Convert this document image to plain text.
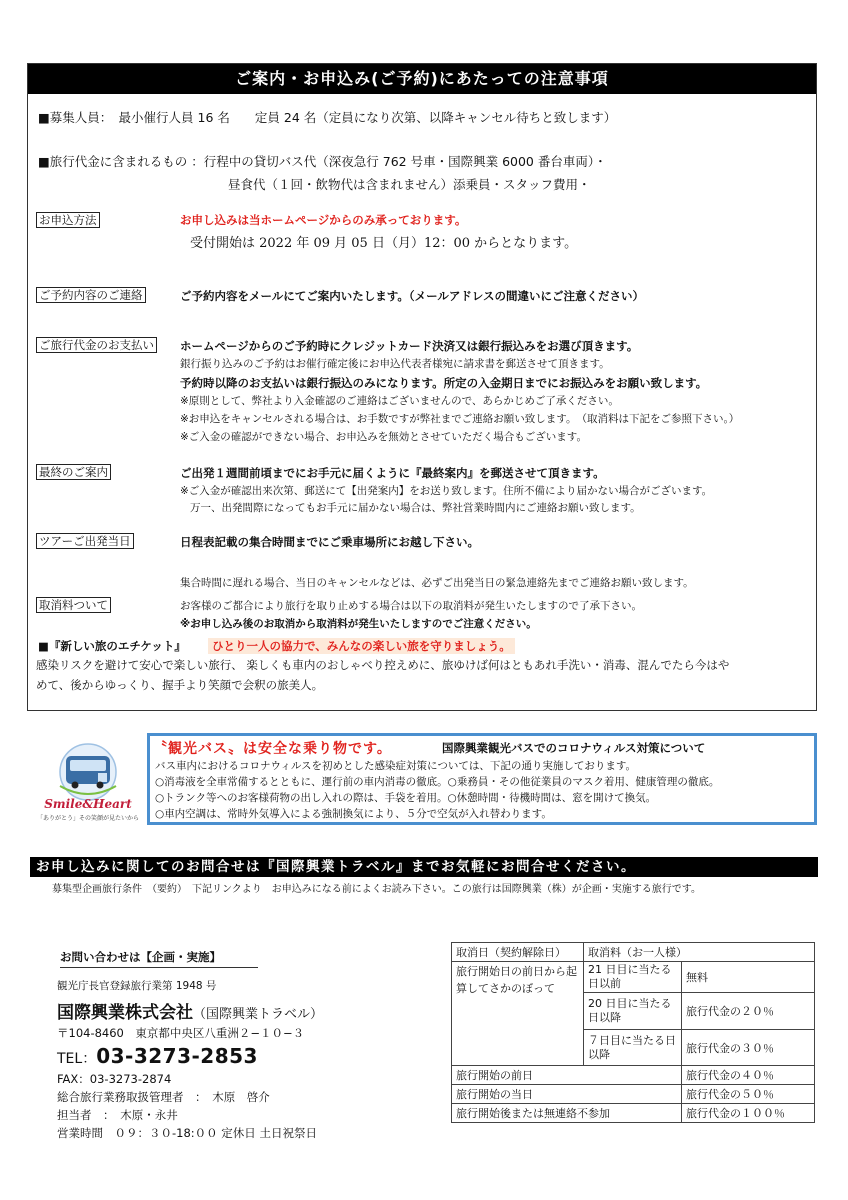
ご案内・お申込み(ご予約)にあたっての注意事項
■募集人員：　最小催行人員 16 名　　定員 24 名（定員になり次第、以降キャンセル待ちと致します）
■旅行代金に含まれるもの ：行程中の貸切バス代（深夜急行 762 号車・国際興業 6000 番台車両）・
昼食代（１回・飲物代は含まれません）添乗員・スタッフ費用・
お申込方法	お申し込みは当ホームページからのみ承っております。
受付開始は 2022 年 09 月 05 日（月）12：00 からとなります。
ご予約内容のご連絡	ご予約内容をメールにてご案内いたします。（メールアドレスの間違いにご注意ください）
ご旅行代金のお支払い ホームページからのご予約時にクレジットカード決済又は銀行振込みをお選び頂きます。
銀行振り込みのご予約はお催行確定後にお申込代表者様宛に請求書を郵送させて頂きます。
予約時以降のお支払いは銀行振込のみになります。所定の入金期日までにお振込みをお願い致します。
※原則として、弊社より入金確認のご連絡はございませんので、あらかじめご了承ください。
※お申込をキャンセルされる場合は、お手数ですが弊社までご連絡お願い致します。　（取消料は下記をご参照下さい。）
※ご入金の確認ができない場合、お申込みを無効とさせていただく場合もございます。
最終のご案内	ご出発１週間前頃までにお手元に届くように『最終案内』を郵送させて頂きます。
※ご入金が確認出来次第、郵送にて【出発案内】をお送り致します。住所不備により届かない場合がございます。
万一、出発間際になってもお手元に届かない場合は、弊社営業時間内にご連絡お願い致します。
ツアーご出発当日	日程表記載の集合時間までにご乗車場所にお越し下さい。
集合時間に遅れる場合、当日のキャンセルなどは、必ずご出発当日の緊急連絡先までご連絡お願い致します。
取消料ついて	お客様のご都合により旅行を取り止めする場合は以下の取消料が発生いたしますので了承下さい。
※お申し込み後のお取消から取消料が発生いたしますのでご注意ください。
■『新しい旅のエチケット』	ひとり一人の協力で、みんなの楽しい旅を守りましょう。
感染リスクを避けて安心で楽しい旅行、 楽しくも車内のおしゃべり控えめに、旅ゆけば何はともあれ手洗い・消毒、混んでたら今はや
めて、後からゆっくり、握手より笑顔で会釈の旅美人。
Smile&Heart
「ありがとう」その笑顔が見たいから
〝観光バス〟は安全な乗り物です。	国際興業観光バスでのコロナウィルス対策について
バス車内におけるコロナウィルスを初めとした感染症対策については、下記の通り実施しております。
○消毒液を全車常備するとともに、運行前の車内消毒の徹底。○乗務員・その他従業員のマスク着用、健康管理の徹底。
○トランク等へのお客様荷物の出し入れの際は、手袋を着用。○休憩時間・待機時間は、窓を開けて換気。
○車内空調は、常時外気導入による強制換気により、５分で空気が入れ替わります。
お申し込みに関してのお問合せは『国際興業トラベル』までお気軽にお問合せください。
募集型企画旅行条件　（要約）　下記リンクより　お申込みになる前によくお読み下さい。この旅行は国際興業（株）が企画・実施する旅行です。
お問い合わせは【企画・実施】
観光庁長官登録旅行業第 1948 号
国際興業株式会社（国際興業トラベル）
〒104-8460　東京都中央区八重洲２−１０−３
TEL：03-3273-2853
FAX：03-3273-2874
総合旅行業務取扱管理者　：　木原　啓介
担当者　：　木原・永井
営業時間　０９：３０-18:００ 定休日 土日祝祭日
取消日（契約解除日）	取消料（お一人様）	
旅行開始日の前日から起算してさかのぼって	21 日目に当たる日以前	無料
	20 日目に当たる日以降	旅行代金の２０％
	７日目に当たる日以降	旅行代金の３０％
旅行開始の前日		旅行代金の４０％
旅行開始の当日		旅行代金の５０％
旅行開始後または無連絡不参加		旅行代金の１００％
